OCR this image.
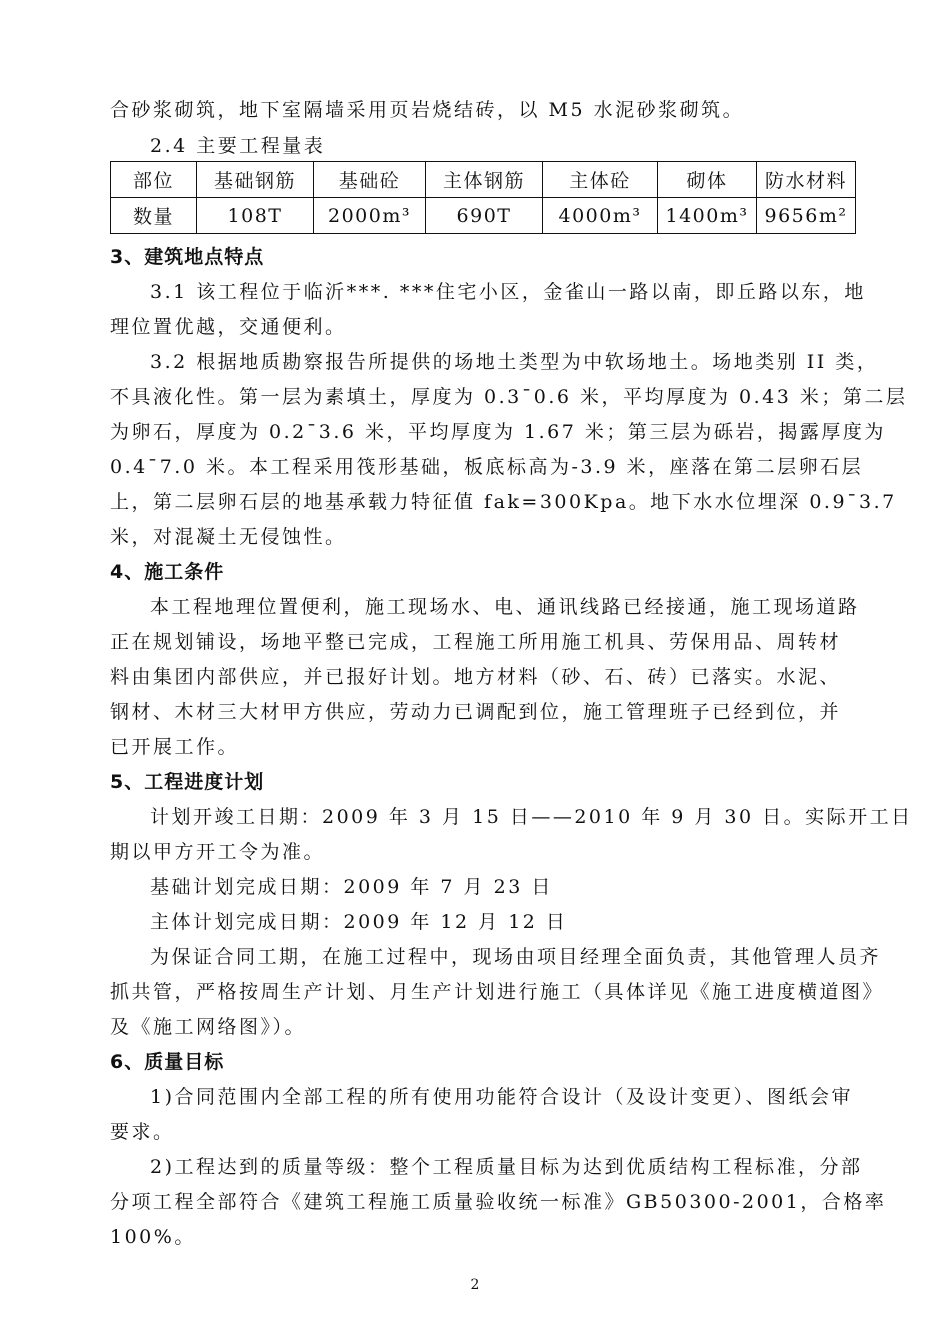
合砂浆砌筑，地下室隔墙采用页岩烧结砖，以 M5 水泥砂浆砌筑。
2.4 主要工程量表
部位	基础钢筋	基础砼	主体钢筋	主体砼	砌体	防水材料
数量	108T	2000m³	690T	4000m³	1400m³	9656m²
3、建筑地点特点
3.1 该工程位于临沂***. ***住宅小区，金雀山一路以南，即丘路以东，地
理位置优越，交通便利。
3.2 根据地质勘察报告所提供的场地土类型为中软场地土。场地类别 II 类，
不具液化性。第一层为素填土，厚度为 0.3¯0.6 米，平均厚度为 0.43 米；第二层
为卵石，厚度为 0.2¯3.6 米，平均厚度为 1.67 米；第三层为砾岩，揭露厚度为
0.4¯7.0 米。本工程采用筏形基础，板底标高为-3.9 米，座落在第二层卵石层
上，第二层卵石层的地基承载力特征值 fak=300Kpa。地下水水位埋深 0.9¯3.7
米，对混凝土无侵蚀性。
4、施工条件
本工程地理位置便利，施工现场水、电、通讯线路已经接通，施工现场道路
正在规划铺设，场地平整已完成，工程施工所用施工机具、劳保用品、周转材
料由集团内部供应，并已报好计划。地方材料（砂、石、砖）已落实。水泥、
钢材、木材三大材甲方供应，劳动力已调配到位，施工管理班子已经到位，并
已开展工作。
5、工程进度计划
计划开竣工日期：2009 年 3 月 15 日——2010 年 9 月 30 日。实际开工日
期以甲方开工令为准。
基础计划完成日期：2009 年 7 月 23 日
主体计划完成日期：2009 年 12 月 12 日
为保证合同工期，在施工过程中，现场由项目经理全面负责，其他管理人员齐
抓共管，严格按周生产计划、月生产计划进行施工（具体详见《施工进度横道图》
及《施工网络图》）。
6、质量目标
1)合同范围内全部工程的所有使用功能符合设计（及设计变更）、图纸会审
要求。
2)工程达到的质量等级：整个工程质量目标为达到优质结构工程标准，分部
分项工程全部符合《建筑工程施工质量验收统一标准》GB50300-2001，合格率
100%。
2
